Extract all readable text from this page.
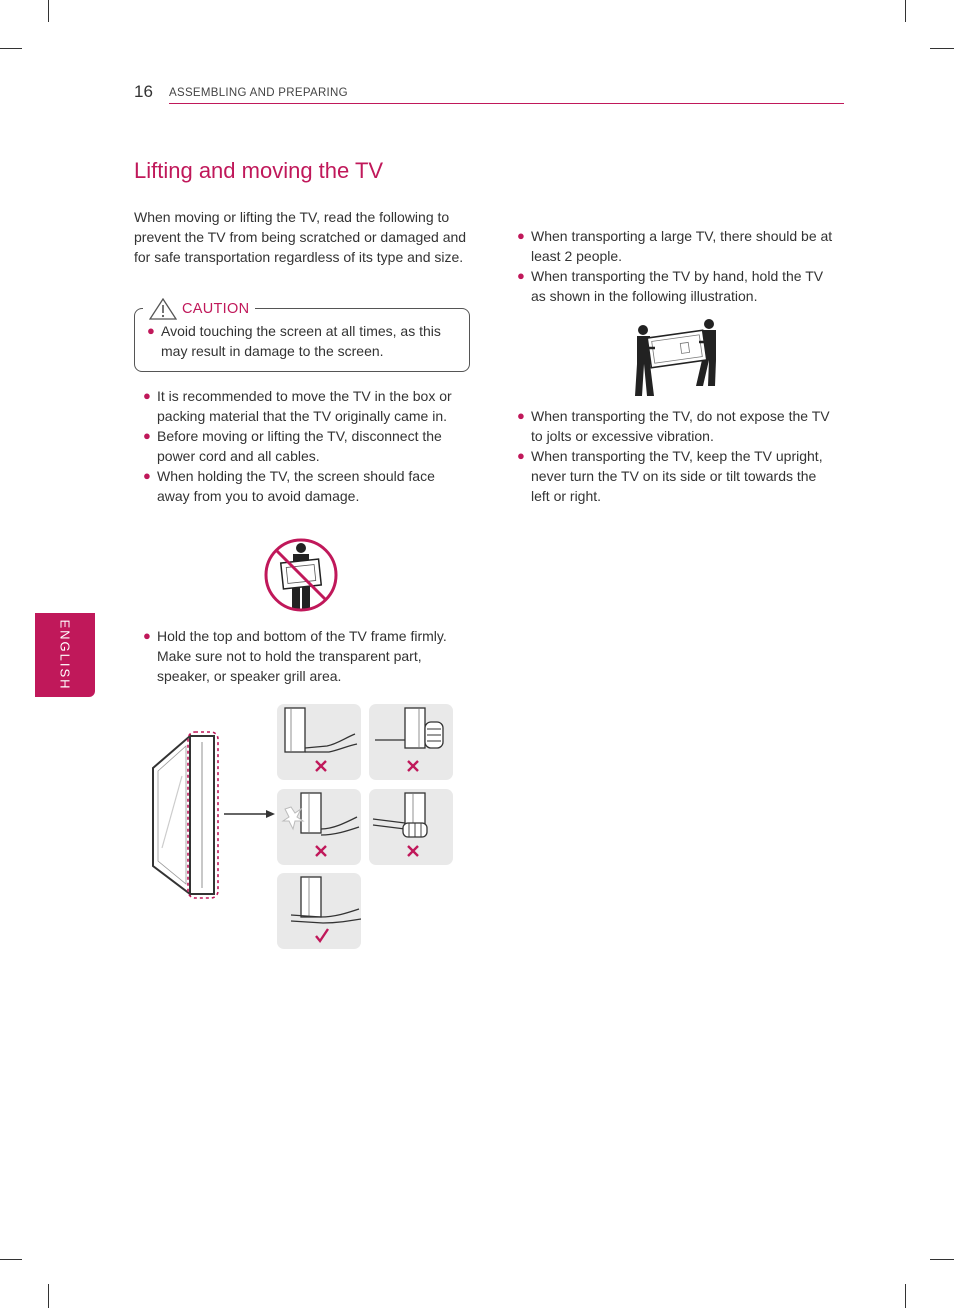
16 ASSEMBLING AND PREPARING
Lifting and moving the TV

When moving or lifting the TV, read the following to prevent the TV from being scratched or damaged and for safe transportation regardless of its type and size.

CAUTION
● Avoid touching the screen at all times, as this may result in damage to the screen.
● It is recommended to move the TV in the box or packing material that the TV originally came in.
● Before moving or lifting the TV, disconnect the power cord and all cables.
● When holding the TV, the screen should face away from you to avoid damage.
● Hold the top and bottom of the TV frame firmly. Make sure not to hold the transparent part, speaker, or speaker grill area.
● When transporting a large TV, there should be at least 2 people.
● When transporting the TV by hand, hold the TV as shown in the following illustration.
● When transporting the TV, do not expose the TV to jolts or excessive vibration.
● When transporting the TV, keep the TV upright, never turn the TV on its side or tilt towards the left or right.
ENGLISH
